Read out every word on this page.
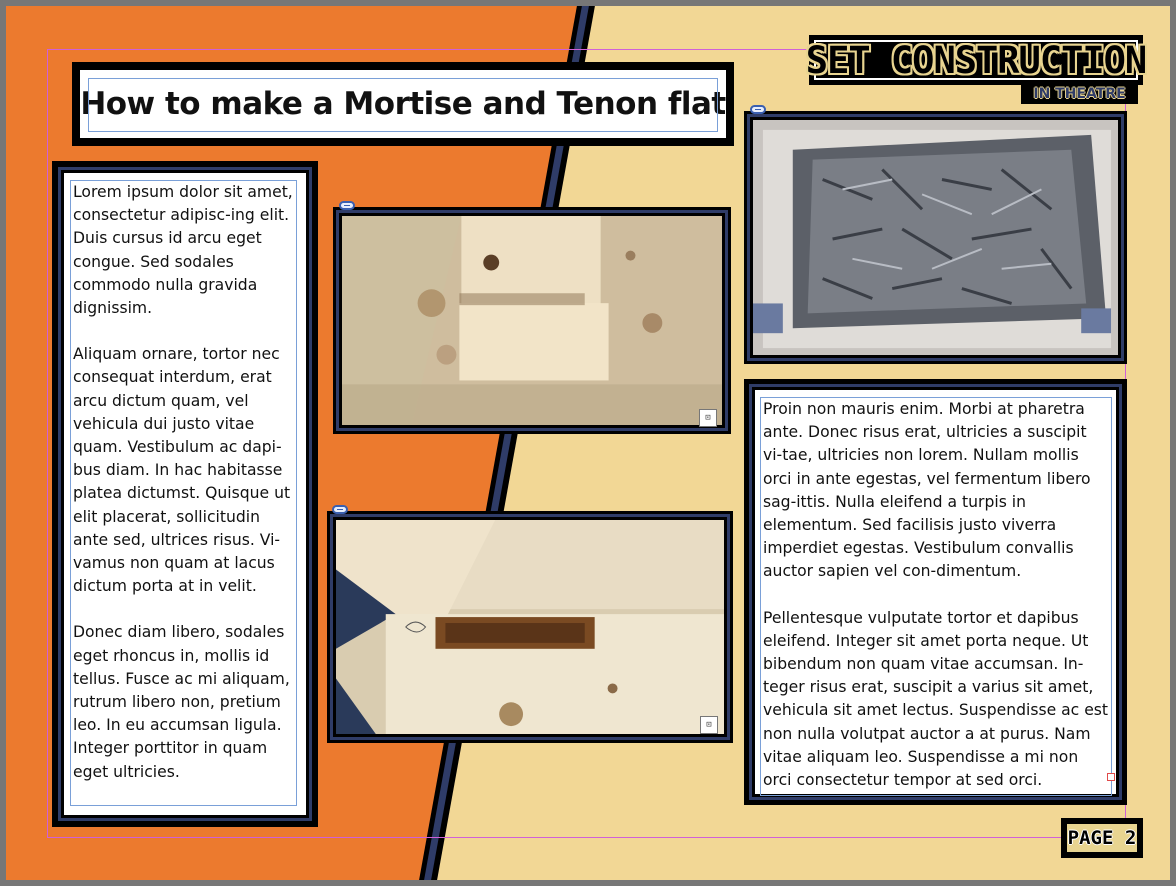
How to make a Mortise and Tenon flat
SET CONSTRUCTION
IN THEATRE

Lorem ipsum dolor sit amet, consectetur adipisc-ing elit. Duis cursus id arcu eget congue. Sed sodales commodo nulla gravida dignissim.

Aliquam ornare, tortor nec consequat interdum, erat arcu dictum quam, vel vehicula dui justo vitae quam. Vestibulum ac dapi-bus diam. In hac habitasse platea dictumst. Quisque ut elit placerat, sollicitudin ante sed, ultrices risus. Vi-vamus non quam at lacus dictum porta at in velit.

Donec diam libero, sodales eget rhoncus in, mollis id tellus. Fusce ac mi aliquam, rutrum libero non, pretium leo. In eu accumsan ligula. Integer porttitor in quam eget ultricies.

⊡
⊡

Proin non mauris enim. Morbi at pharetra ante. Donec risus erat, ultricies a suscipit vi-tae, ultricies non lorem. Nullam mollis orci in ante egestas, vel fermentum libero sag-ittis. Nulla eleifend a turpis in elementum. Sed facilisis justo viverra imperdiet egestas. Vestibulum convallis auctor sapien vel con-dimentum.

Pellentesque vulputate tortor et dapibus eleifend. Integer sit amet porta neque. Ut bibendum non quam vitae accumsan. In-teger risus erat, suscipit a varius sit amet, vehicula sit amet lectus. Suspendisse ac est non nulla volutpat auctor a at purus. Nam vitae aliquam leo. Suspendisse a mi non orci consectetur tempor at sed orci.

PAGE 2
